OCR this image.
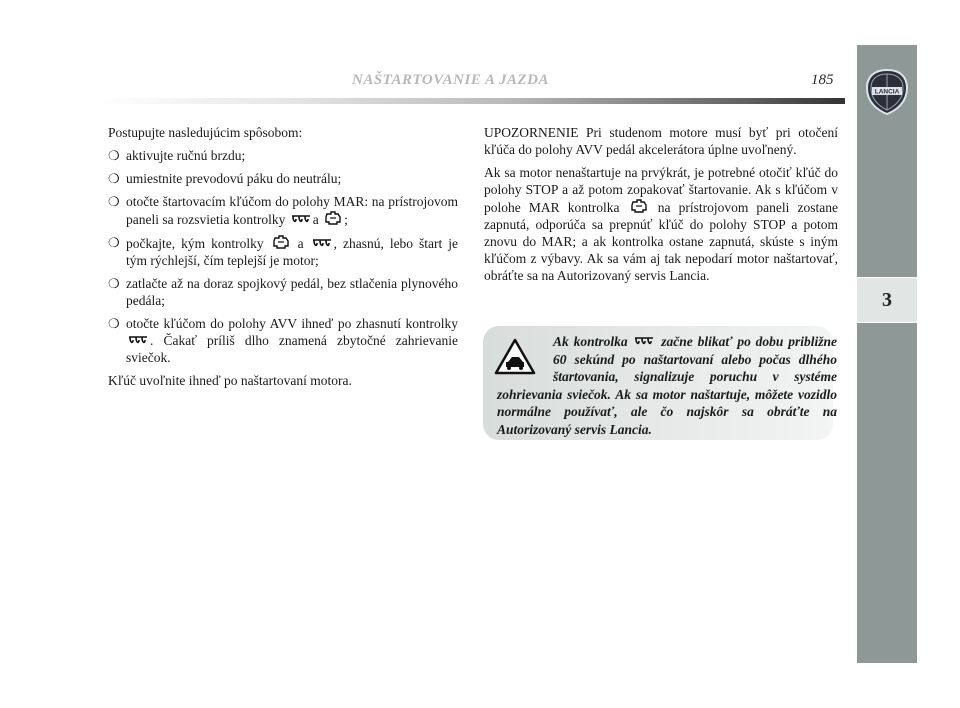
NAŠTARTOVANIE A JAZDA	185
LANCIA
3

Postupujte nasledujúcim spôsobom:

❍ aktivujte ručnú brzdu;
❍ umiestnite prevodovú páku do neutrálu;
❍ otočte štartovacím kľúčom do polohy MAR: na prístrojovom paneli sa rozsvietia kontrolky a ;
❍ počkajte, kým kontrolky	a , zhasnú, lebo štart je tým rýchlejší, čím teplejší je motor;
❍ zatlačte až na doraz spojkový pedál, bez stlačenia plynového pedála;
❍ otočte kľúčom do polohy AVV ihneď po zhasnutí kontrolky . Čakať príliš dlho znamená zbytočné zahrievanie sviečok.

Kľúč uvoľnite ihneď po naštartovaní motora.

UPOZORNENIE Pri studenom motore musí byť pri otočení kľúča do polohy AVV pedál akcelerátora úplne uvoľnený.

Ak sa motor nenaštartuje na prvýkrát, je potrebné otočiť kľúč do polohy STOP a až potom zopakovať štartovanie. Ak s kľúčom v polohe MAR kontrolka	na prístrojovom paneli zostane zapnutá, odporúča sa prepnúť kľúč do polohy STOP a potom znovu do MAR; a ak kontrolka ostane zapnutá, skúste s iným kľúčom z výbavy. Ak sa vám aj tak nepodarí motor naštartovať, obráťte sa na Autorizovaný servis Lancia.

Ak kontrolka začne blikať po dobu približne 60 sekúnd po naštartovaní alebo počas dlhého štartovania, signalizuje poruchu v systéme zohrievania sviečok. Ak sa motor naštartuje, môžete vozidlo normálne používať, ale čo najskôr sa obráťte na Autorizovaný servis Lancia.
